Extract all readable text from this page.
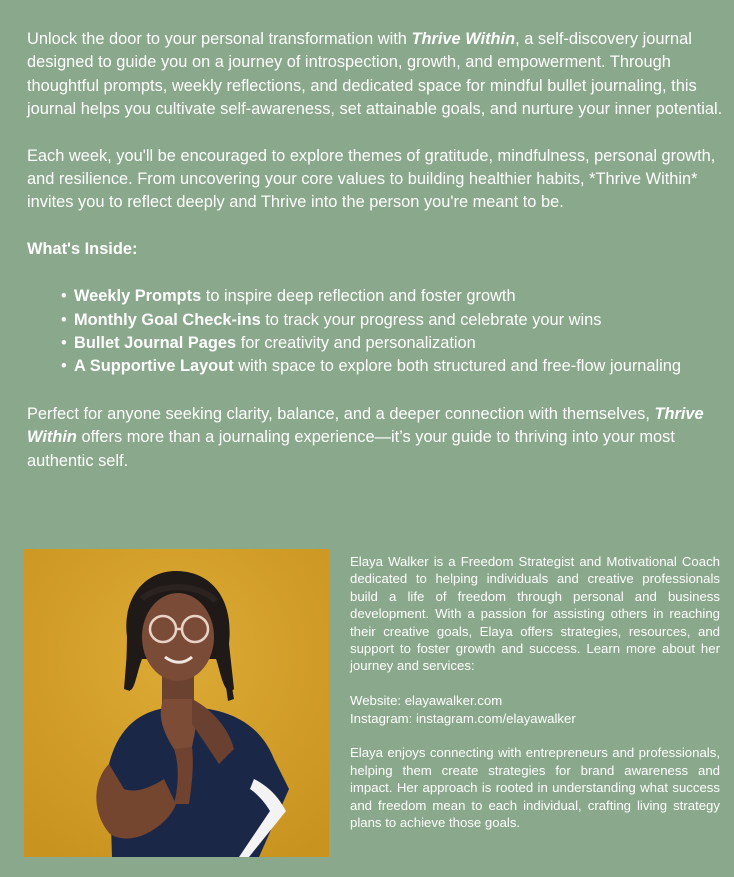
Unlock the door to your personal transformation with Thrive Within, a self-discovery journal designed to guide you on a journey of introspection, growth, and empowerment. Through thoughtful prompts, weekly reflections, and dedicated space for mindful bullet journaling, this journal helps you cultivate self-awareness, set attainable goals, and nurture your inner potential.

Each week, you'll be encouraged to explore themes of gratitude, mindfulness, personal growth, and resilience. From uncovering your core values to building healthier habits, *Thrive Within* invites you to reflect deeply and Thrive into the person you're meant to be.

What's Inside:

• Weekly Prompts to inspire deep reflection and foster growth
• Monthly Goal Check-ins to track your progress and celebrate your wins
• Bullet Journal Pages for creativity and personalization
• A Supportive Layout with space to explore both structured and free-flow journaling

Perfect for anyone seeking clarity, balance, and a deeper connection with themselves, Thrive Within offers more than a journaling experience—it’s your guide to thriving into your most authentic self.

Elaya Walker is a Freedom Strategist and Motivational Coach dedicated to helping individuals and creative professionals build a life of freedom through personal and business development. With a passion for assisting others in reaching their creative goals, Elaya offers strategies, resources, and support to foster growth and success. Learn more about her journey and services:

Website: elayawalker.com
Instagram: instagram.com/elayawalker

Elaya enjoys connecting with entrepreneurs and professionals, helping them create strategies for brand awareness and impact. Her approach is rooted in understanding what success and freedom mean to each individual, crafting living strategy plans to achieve those goals.
